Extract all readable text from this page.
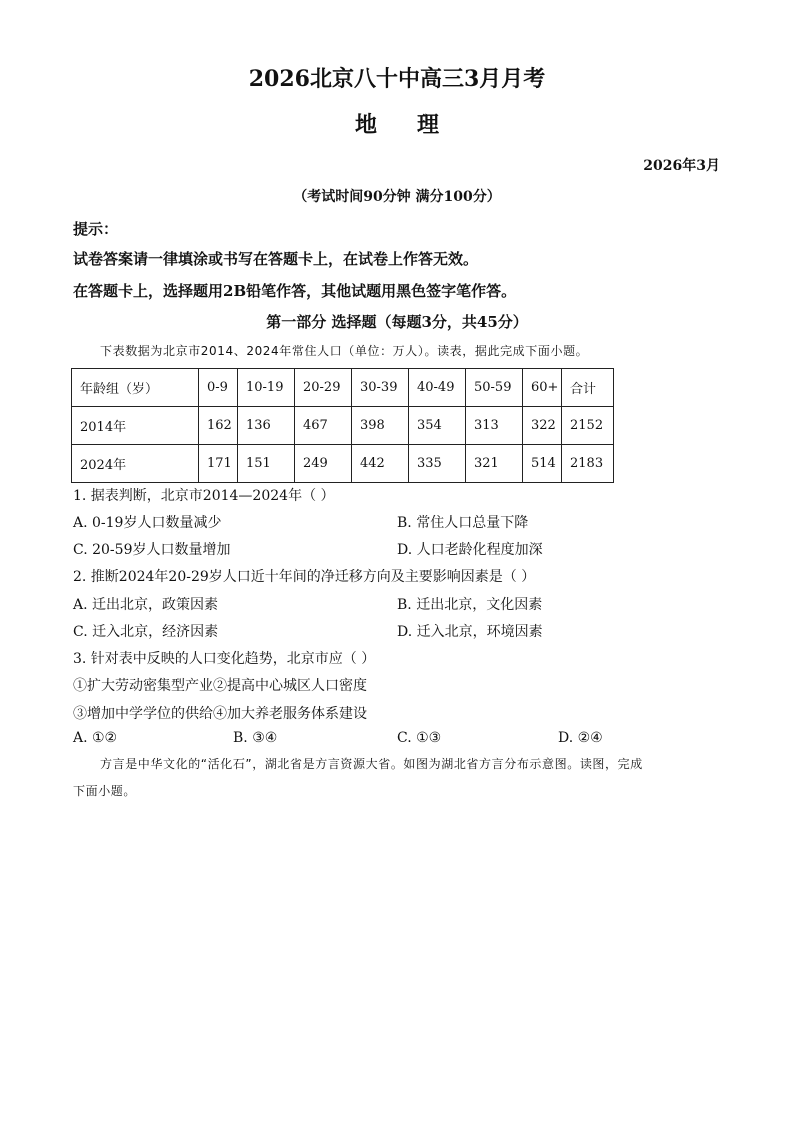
2026北京八十中高三3月月考
地理
2026年3月
（考试时间90分钟 满分100分）
提示：
试卷答案请一律填涂或书写在答题卡上，在试卷上作答无效。
在答题卡上，选择题用2B铅笔作答，其他试题用黑色签字笔作答。
第一部分 选择题（每题3分，共45分）
下表数据为北京市2014、2024年常住人口（单位：万人）。读表，据此完成下面小题。
年龄组（岁）	0-9	10-19	20-29	30-39	40-49	50-59	60+	合计
2014年	162	136	467	398	354	313	322	2152
2024年	171	151	249	442	335	321	514	2183
1. 据表判断，北京市2014—2024年（ ）
A. 0-19岁人口数量减少	B. 常住人口总量下降
C. 20-59岁人口数量增加	D. 人口老龄化程度加深
2. 推断2024年20-29岁人口近十年间的净迁移方向及主要影响因素是（ ）
A. 迁出北京，政策因素	B. 迁出北京，文化因素
C. 迁入北京，经济因素	D. 迁入北京，环境因素
3. 针对表中反映的人口变化趋势，北京市应（ ）
①扩大劳动密集型产业②提高中心城区人口密度
③增加中学学位的供给④加大养老服务体系建设
A. ①②	B. ③④	C. ①③	D. ②④
方言是中华文化的“活化石”，湖北省是方言资源大省。如图为湖北省方言分布示意图。读图，完成
下面小题。
